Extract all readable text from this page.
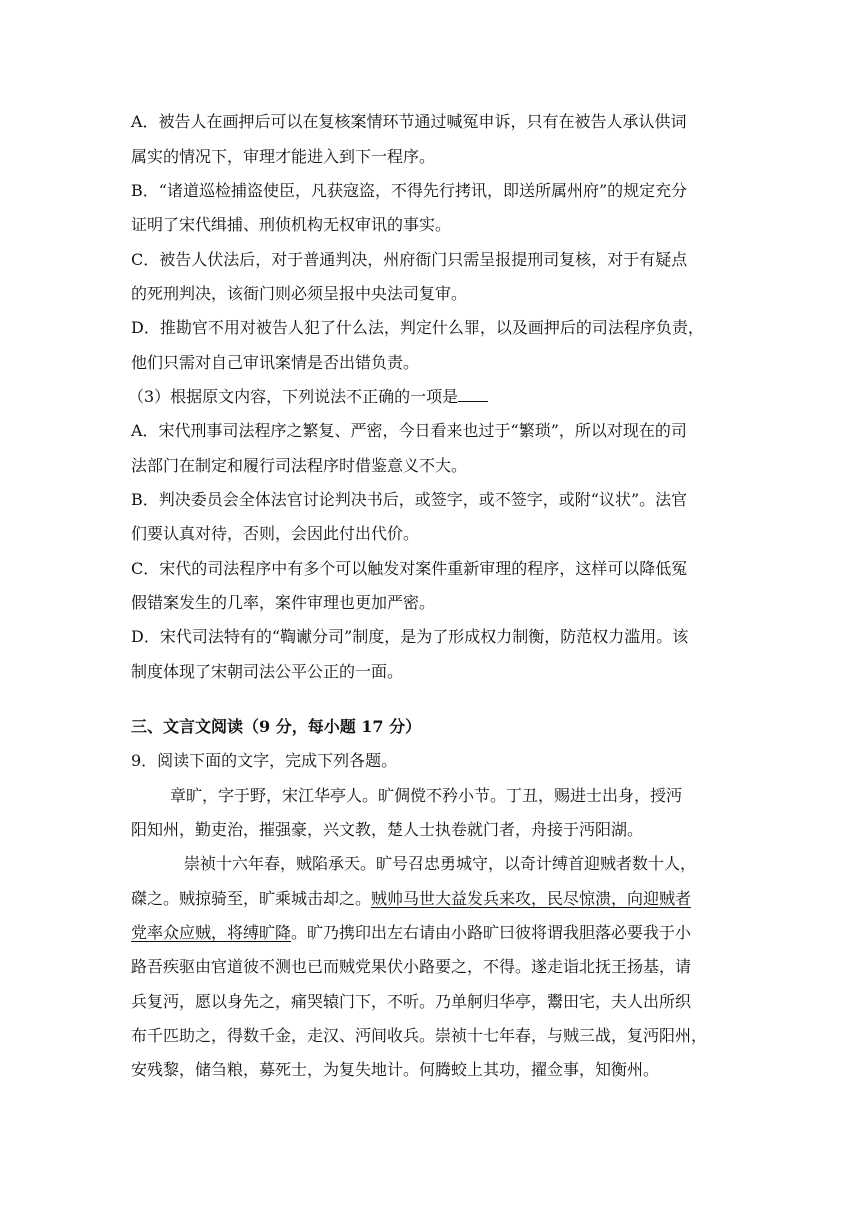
A．被告人在画押后可以在复核案情环节通过喊冤申诉，只有在被告人承认供词
属实的情况下，审理才能进入到下一程序。
B．“诸道巡检捕盗使臣，凡获寇盗，不得先行拷讯，即送所属州府”的规定充分
证明了宋代缉捕、刑侦机构无权审讯的事实。
C．被告人伏法后，对于普通判决，州府衙门只需呈报提刑司复核，对于有疑点
的死刑判决，该衙门则必须呈报中央法司复审。
D．推勘官不用对被告人犯了什么法，判定什么罪，以及画押后的司法程序负责，
他们只需对自己审讯案情是否出错负责。
（3）根据原文内容，下列说法不正确的一项是
A．宋代刑事司法程序之繁复、严密，今日看来也过于“繁琐”，所以对现在的司
法部门在制定和履行司法程序时借鉴意义不大。
B．判决委员会全体法官讨论判决书后，或签字，或不签字，或附“议状”。法官
们要认真对待，否则，会因此付出代价。
C．宋代的司法程序中有多个可以触发对案件重新审理的程序，这样可以降低冤
假错案发生的几率，案件审理也更加严密。
D．宋代司法特有的“鞫谳分司”制度，是为了形成权力制衡，防范权力滥用。该
制度体现了宋朝司法公平公正的一面。
三、文言文阅读（9 分，每小题 17 分）
9．阅读下面的文字，完成下列各题。
章旷，字于野，宋江华亭人。旷倜傥不矜小节。丁丑，赐进士出身，授沔
阳知州，勤吏治，摧强豪，兴文教，楚人士执卷就门者，舟接于沔阳湖。
崇祯十六年春，贼陷承天。旷号召忠勇城守，以奇计缚首迎贼者数十人，
磔之。贼掠骑至，旷乘城击却之。贼帅马世大益发兵来攻，民尽惊溃，向迎贼者
党率众应贼，将缚旷降。旷乃携印出左右请由小路旷曰彼将谓我胆落必要我于小
路吾疾驱由官道彼不测也已而贼党果伏小路要之，不得。遂走诣北抚王扬基，请
兵复沔，愿以身先之，痛哭辕门下，不听。乃单舸归华亭，鬻田宅，夫人出所织
布千匹助之，得数千金，走汉、沔间收兵。崇祯十七年春，与贼三战，复沔阳州，
安残黎，储刍粮，募死士，为复失地计。何腾蛟上其功，擢佥事，知衡州。
